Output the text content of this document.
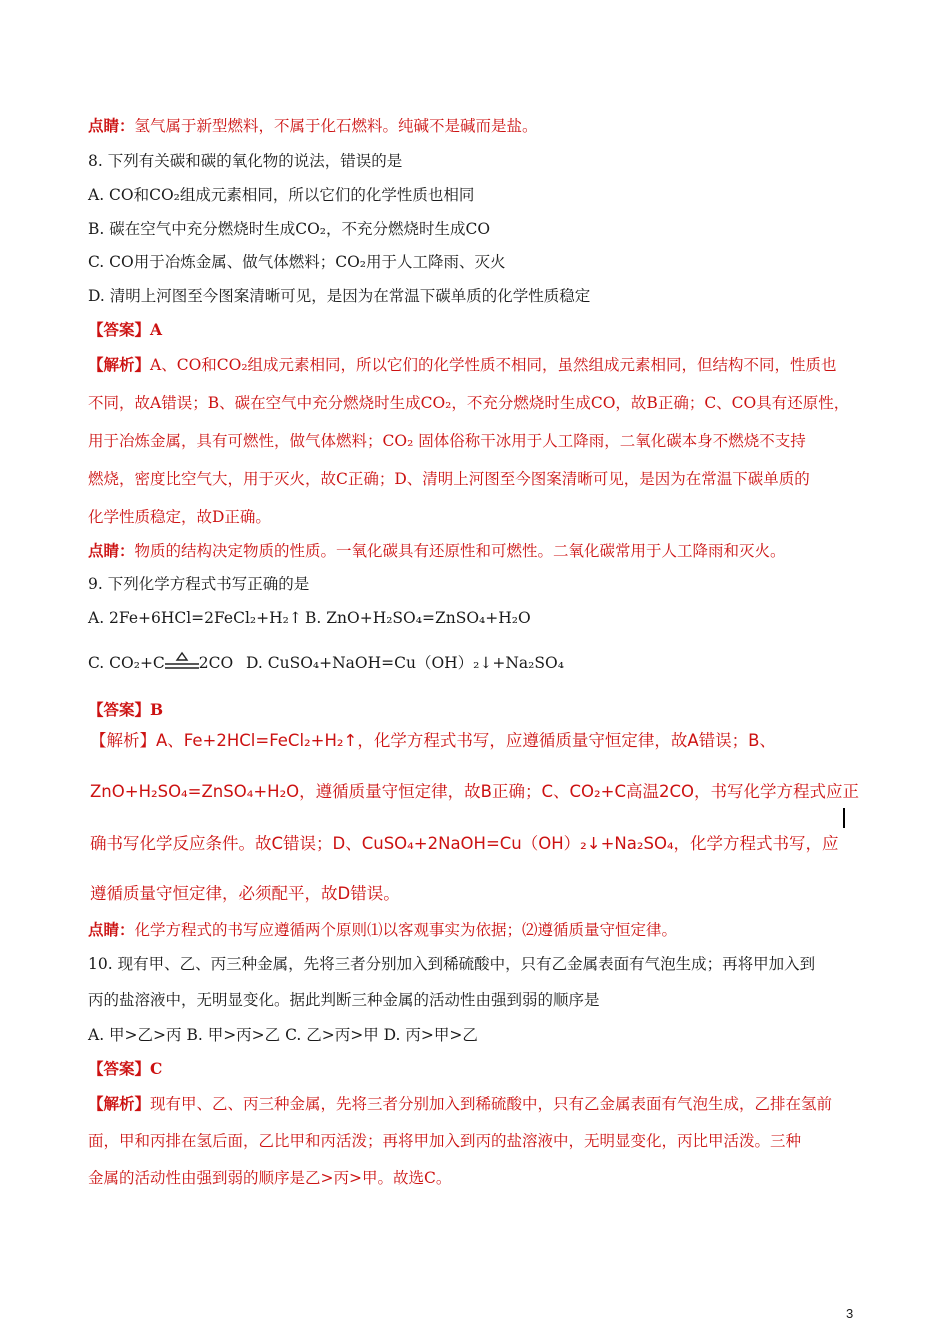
点睛：氢气属于新型燃料，不属于化石燃料。纯碱不是碱而是盐。
8. 下列有关碳和碳的氧化物的说法，错误的是
A. CO和CO₂组成元素相同，所以它们的化学性质也相同
B. 碳在空气中充分燃烧时生成CO₂，不充分燃烧时生成CO
C. CO用于冶炼金属、做气体燃料；CO₂用于人工降雨、灭火
D. 清明上河图至今图案清晰可见，是因为在常温下碳单质的化学性质稳定
【答案】A
【解析】A、CO和CO₂组成元素相同，所以它们的化学性质不相同，虽然组成元素相同，但结构不同，性质也
不同，故A错误；B、碳在空气中充分燃烧时生成CO₂，不充分燃烧时生成CO，故B正确；C、CO具有还原性，
用于冶炼金属，具有可燃性，做气体燃料；CO₂ 固体俗称干冰用于人工降雨，二氧化碳本身不燃烧不支持
燃烧，密度比空气大，用于灭火，故C正确；D、清明上河图至今图案清晰可见，是因为在常温下碳单质的
化学性质稳定，故D正确。
点睛：物质的结构决定物质的性质。一氧化碳具有还原性和可燃性。二氧化碳常用于人工降雨和灭火。
9. 下列化学方程式书写正确的是
A. 2Fe+6HCl=2FeCl₂+H₂↑ B. ZnO+H₂SO₄=ZnSO₄+H₂O
C. CO₂+C 2CO D. CuSO₄+NaOH=Cu（OH）₂↓+Na₂SO₄
【答案】B
【解析】A、Fe+2HCl=FeCl₂+H₂↑，化学方程式书写，应遵循质量守恒定律，故A错误；B、
ZnO+H₂SO₄=ZnSO₄+H₂O，遵循质量守恒定律，故B正确；C、CO₂+C高温2CO，书写化学方程式应正
确书写化学反应条件。故C错误；D、CuSO₄+2NaOH=Cu（OH）₂↓+Na₂SO₄，化学方程式书写，应
遵循质量守恒定律，必须配平，故D错误。
点睛：化学方程式的书写应遵循两个原则⑴以客观事实为依据；⑵遵循质量守恒定律。
10. 现有甲、乙、丙三种金属，先将三者分别加入到稀硫酸中，只有乙金属表面有气泡生成；再将甲加入到
丙的盐溶液中，无明显变化。据此判断三种金属的活动性由强到弱的顺序是
A. 甲>乙>丙 B. 甲>丙>乙 C. 乙>丙>甲 D. 丙>甲>乙
【答案】C
【解析】现有甲、乙、丙三种金属，先将三者分别加入到稀硫酸中，只有乙金属表面有气泡生成，乙排在氢前
面，甲和丙排在氢后面，乙比甲和丙活泼；再将甲加入到丙的盐溶液中，无明显变化，丙比甲活泼。三种
金属的活动性由强到弱的顺序是乙>丙>甲。故选C。
3
